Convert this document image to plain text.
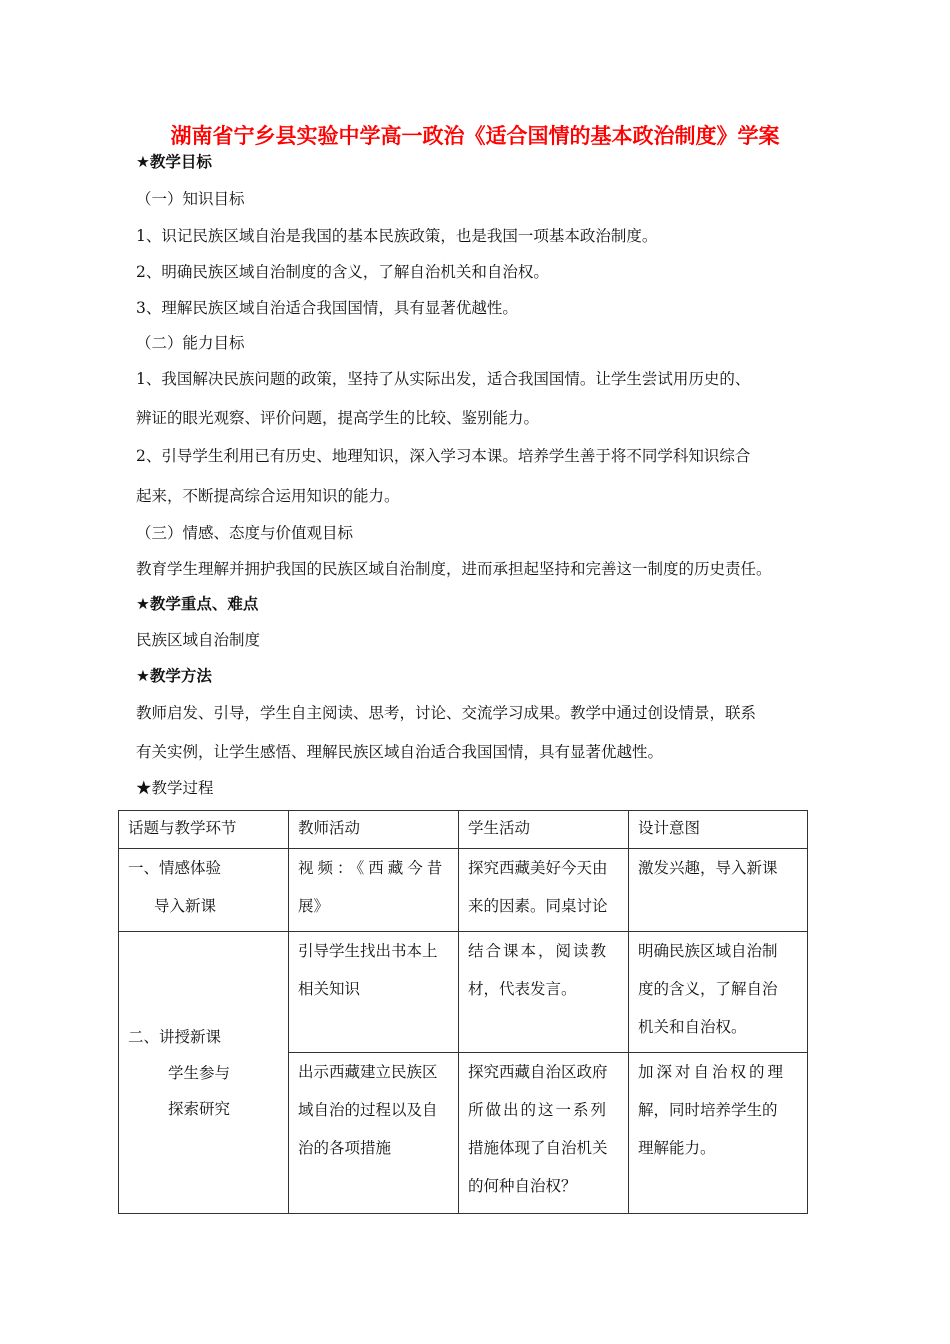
湖南省宁乡县实验中学高一政治《适合国情的基本政治制度》学案
★教学目标
（一）知识目标
1、识记民族区域自治是我国的基本民族政策，也是我国一项基本政治制度。
2、明确民族区域自治制度的含义，了解自治机关和自治权。
3、理解民族区域自治适合我国国情，具有显著优越性。
（二）能力目标
1、我国解决民族问题的政策，坚持了从实际出发，适合我国国情。让学生尝试用历史的、
辨证的眼光观察、评价问题，提高学生的比较、鉴别能力。
2、引导学生利用已有历史、地理知识，深入学习本课。培养学生善于将不同学科知识综合
起来，不断提高综合运用知识的能力。
（三）情感、态度与价值观目标
教育学生理解并拥护我国的民族区域自治制度，进而承担起坚持和完善这一制度的历史责任。
★教学重点、难点
民族区域自治制度
★教学方法
教师启发、引导，学生自主阅读、思考，讨论、交流学习成果。教学中通过创设情景，联系
有关实例，让学生感悟、理解民族区域自治适合我国国情，具有显著优越性。
★教学过程
话题与教学环节	教师活动	学生活动	设计意图

一、情感体验
导入新课	视频：《西藏今昔
展》	探究西藏美好今天由
来的因素。同桌讨论	激发兴趣，导入新课

二、讲授新课
学生参与
探索研究	引导学生找出书本上
相关知识	结合课本，阅读教
材，代表发言。	明确民族区域自治制
度的含义，了解自治
机关和自治权。

	出示西藏建立民族区
域自治的过程以及自
治的各项措施	探究西藏自治区政府
所做出的这一系列
措施体现了自治机关
的何种自治权？	加深对自治权的理
解，同时培养学生的
理解能力。
